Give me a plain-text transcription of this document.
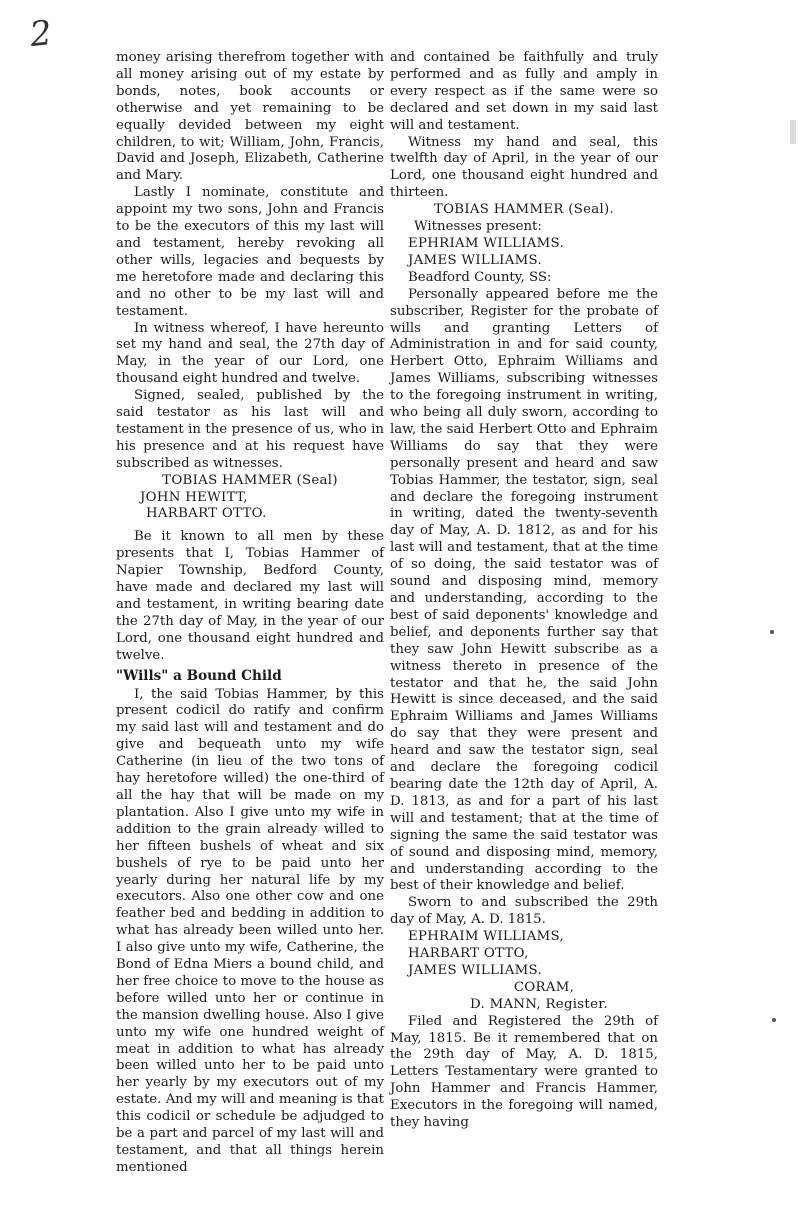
2

money arising therefrom together with all money arising out of my estate by bonds, notes, book accounts or otherwise and yet remaining to be equally devided between my eight children, to wit; William, John, Francis, David and Joseph, Elizabeth, Catherine and Mary.

Lastly I nominate, constitute and appoint my two sons, John and Francis to be the executors of this my last will and testament, hereby revoking all other wills, legacies and bequests by me heretofore made and declaring this and no other to be my last will and testament.

In witness whereof, I have hereunto set my hand and seal, the 27th day of May, in the year of our Lord, one thousand eight hundred and twelve.

Signed, sealed, published by the said testator as his last will and testament in the presence of us, who in his presence and at his request have subscribed as witnesses.

TOBIAS HAMMER (Seal)

JOHN HEWITT,

HARBART OTTO.

Be it known to all men by these presents that I, Tobias Hammer of Napier Township, Bedford County, have made and declared my last will and testament, in writing bearing date the 27th day of May, in the year of our Lord, one thousand eight hundred and twelve.

"Wills" a Bound Child

I, the said Tobias Hammer, by this present codicil do ratify and confirm my said last will and testament and do give and bequeath unto my wife Catherine (in lieu of the two tons of hay heretofore willed) the one-third of all the hay that will be made on my plantation. Also I give unto my wife in addition to the grain already willed to her fifteen bushels of wheat and six bushels of rye to be paid unto her yearly during her natural life by my executors. Also one other cow and one feather bed and bedding in addition to what has already been willed unto her. I also give unto my wife, Catherine, the Bond of Edna Miers a bound child, and her free choice to move to the house as before willed unto her or continue in the mansion dwelling house. Also I give unto my wife one hundred weight of meat in addition to what has already been willed unto her to be paid unto her yearly by my executors out of my estate. And my will and meaning is that this codicil or schedule be adjudged to be a part and parcel of my last will and testament, and that all things herein mentioned

and contained be faithfully and truly performed and as fully and amply in every respect as if the same were so declared and set down in my said last will and testament.

Witness my hand and seal, this twelfth day of April, in the year of our Lord, one thousand eight hundred and thirteen.

TOBIAS HAMMER (Seal).

Witnesses present:

EPHRIAM WILLIAMS.

JAMES WILLIAMS.

Beadford County, SS:

Personally appeared before me the subscriber, Register for the probate of wills and granting Letters of Administration in and for said county, Herbert Otto, Ephraim Williams and James Williams, subscribing witnesses to the foregoing instrument in writing, who being all duly sworn, according to law, the said Herbert Otto and Ephraim Williams do say that they were personally present and heard and saw Tobias Hammer, the testator, sign, seal and declare the foregoing instrument in writing, dated the twenty-seventh day of May, A. D. 1812, as and for his last will and testament, that at the time of so doing, the said testator was of sound and disposing mind, memory and understanding, according to the best of said deponents' knowledge and belief, and deponents further say that they saw John Hewitt subscribe as a witness thereto in presence of the testator and that he, the said John Hewitt is since deceased, and the said Ephraim Williams and James Williams do say that they were present and heard and saw the testator sign, seal and declare the foregoing codicil bearing date the 12th day of April, A. D. 1813, as and for a part of his last will and testament; that at the time of signing the same the said testator was of sound and disposing mind, memory, and understanding according to the best of their knowledge and belief.

Sworn to and subscribed the 29th day of May, A. D. 1815.

EPHRAIM WILLIAMS,

HARBART OTTO,

JAMES WILLIAMS.

CORAM,

D. MANN, Register.

Filed and Registered the 29th of May, 1815. Be it remembered that on the 29th day of May, A. D. 1815, Letters Testamentary were granted to John Hammer and Francis Hammer, Executors in the foregoing will named, they having
